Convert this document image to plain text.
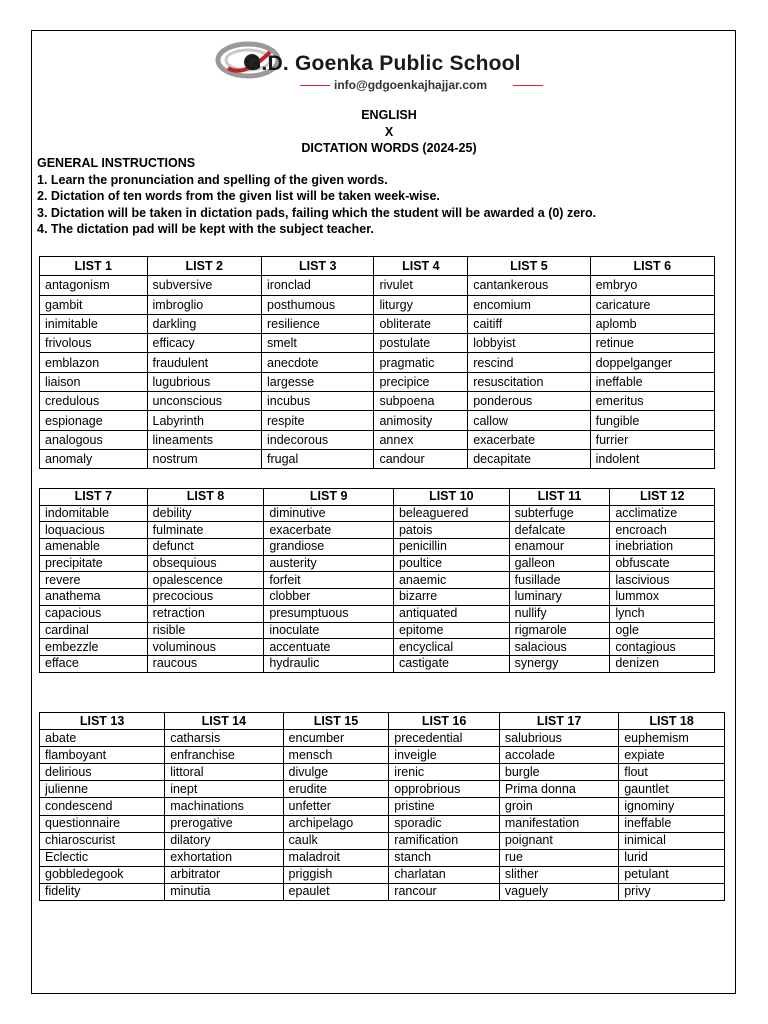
G.D. Goenka Public School
info@gdgoenkajhajjar.com
ENGLISH
X
DICTATION WORDS (2024-25)
GENERAL INSTRUCTIONS
1. Learn the pronunciation and spelling of the given words.
2. Dictation of ten words from the given list will be taken week-wise.
3. Dictation will be taken in dictation pads, failing which the student will be awarded a (0) zero.
4. The dictation pad will be kept with the subject teacher.
LIST 1	LIST 2	LIST 3	LIST 4	LIST 5	LIST 6
antagonism	subversive	ironclad	rivulet	cantankerous	embryo
gambit	imbroglio	posthumous	liturgy	encomium	caricature
inimitable	darkling	resilience	obliterate	caitiff	aplomb
frivolous	efficacy	smelt	postulate	lobbyist	retinue
emblazon	fraudulent	anecdote	pragmatic	rescind	doppelganger
liaison	lugubrious	largesse	precipice	resuscitation	ineffable
credulous	unconscious	incubus	subpoena	ponderous	emeritus
espionage	Labyrinth	respite	animosity	callow	fungible
analogous	lineaments	indecorous	annex	exacerbate	furrier
anomaly	nostrum	frugal	candour	decapitate	indolent
LIST 7	LIST 8	LIST 9	LIST 10	LIST 11	LIST 12
indomitable	debility	diminutive	beleaguered	subterfuge	acclimatize
loquacious	fulminate	exacerbate	patois	defalcate	encroach
amenable	defunct	grandiose	penicillin	enamour	inebriation
precipitate	obsequious	austerity	poultice	galleon	obfuscate
revere	opalescence	forfeit	anaemic	fusillade	lascivious
anathema	precocious	clobber	bizarre	luminary	lummox
capacious	retraction	presumptuous	antiquated	nullify	lynch
cardinal	risible	inoculate	epitome	rigmarole	ogle
embezzle	voluminous	accentuate	encyclical	salacious	contagious
efface	raucous	hydraulic	castigate	synergy	denizen
LIST 13	LIST 14	LIST 15	LIST 16	LIST 17	LIST 18
abate	catharsis	encumber	precedential	salubrious	euphemism
flamboyant	enfranchise	mensch	inveigle	accolade	expiate
delirious	littoral	divulge	irenic	burgle	flout
julienne	inept	erudite	opprobrious	Prima donna	gauntlet
condescend	machinations	unfetter	pristine	groin	ignominy
questionnaire	prerogative	archipelago	sporadic	manifestation	ineffable
chiaroscurist	dilatory	caulk	ramification	poignant	inimical
Eclectic	exhortation	maladroit	stanch	rue	lurid
gobbledegook	arbitrator	priggish	charlatan	slither	petulant
fidelity	minutia	epaulet	rancour	vaguely	privy
